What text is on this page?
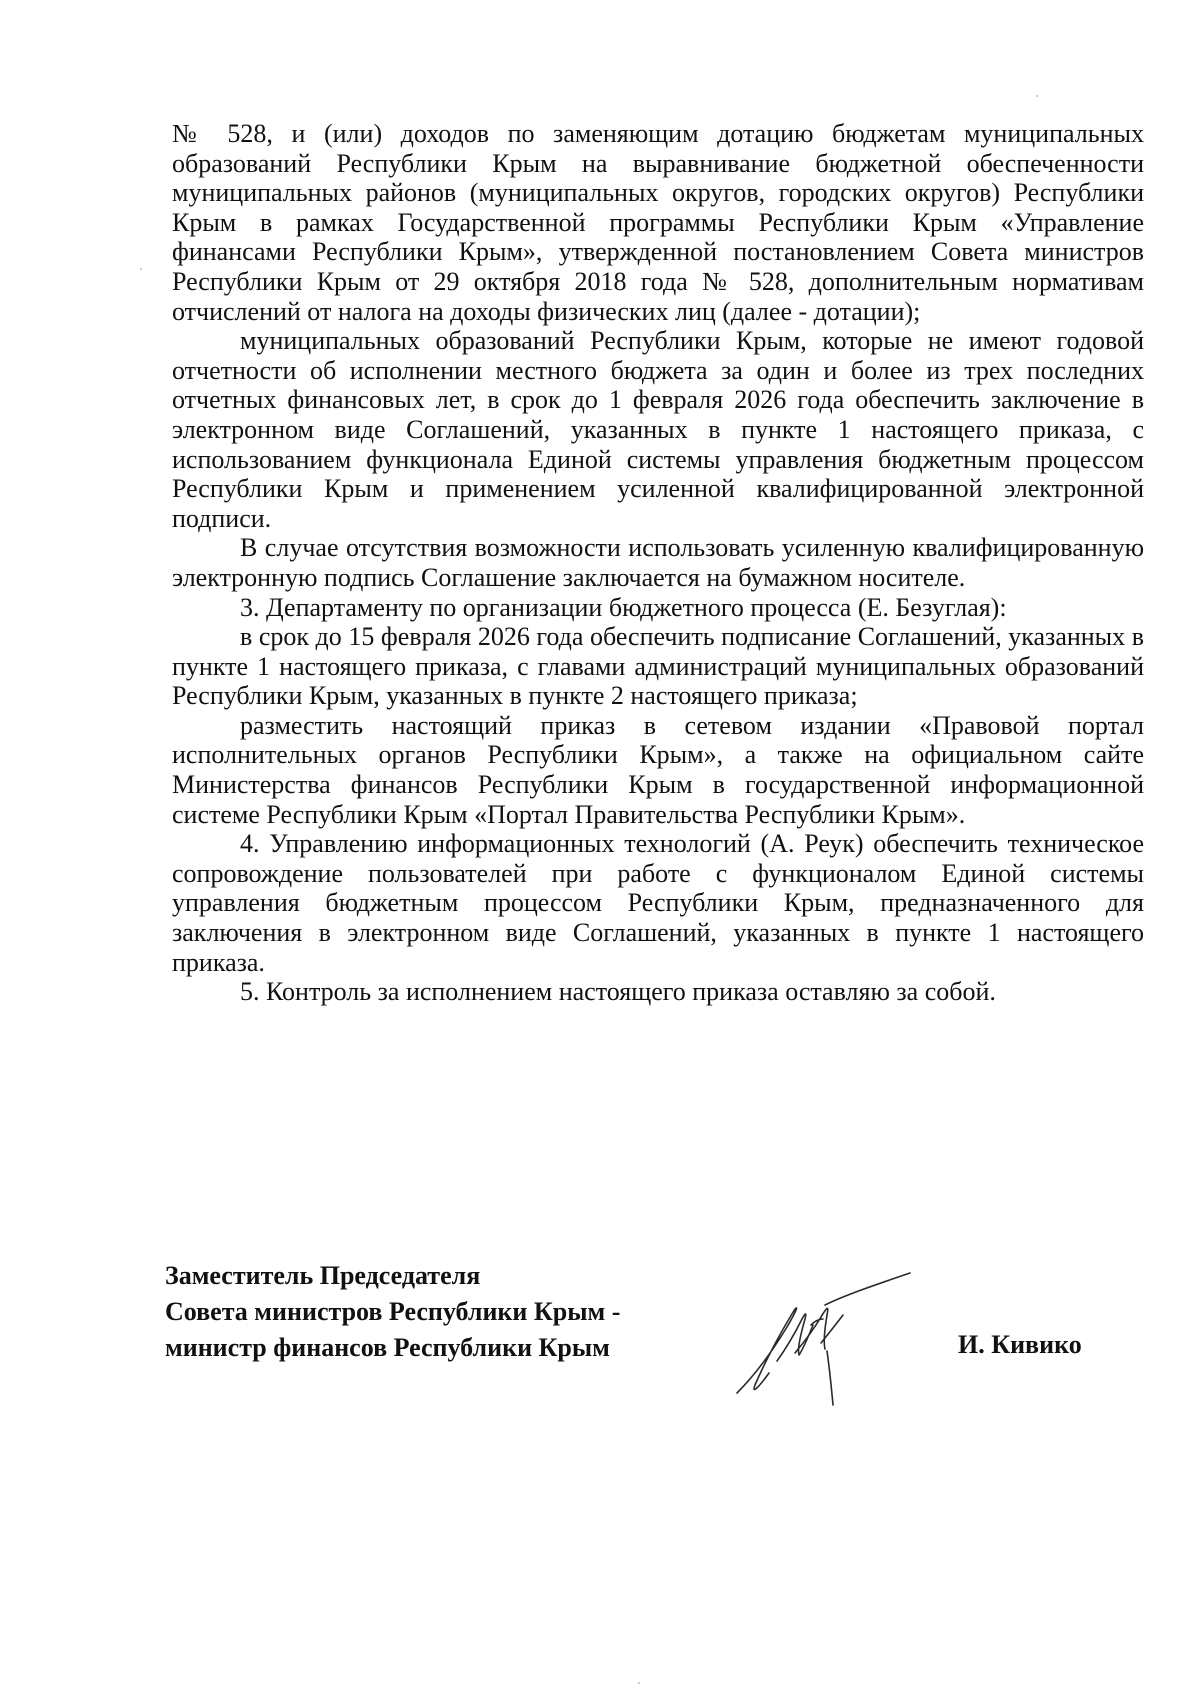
№ 528, и (или) доходов по заменяющим дотацию бюджетам муниципальных образований Республики Крым на выравнивание бюджетной обеспеченности муниципальных районов (муниципальных округов, городских округов) Республики Крым в рамках Государственной программы Республики Крым «Управление финансами Республики Крым», утвержденной постановлением Совета министров Республики Крым от 29 октября 2018 года № 528, дополнительным нормативам отчислений от налога на доходы физических лиц (далее - дотации);

муниципальных образований Республики Крым, которые не имеют годовой отчетности об исполнении местного бюджета за один и более из трех последних отчетных финансовых лет, в срок до 1 февраля 2026 года обеспечить заключение в электронном виде Соглашений, указанных в пункте 1 настоящего приказа, с использованием функционала Единой системы управления бюджетным процессом Республики Крым и применением усиленной квалифицированной электронной подписи.

В случае отсутствия возможности использовать усиленную квалифицированную электронную подпись Соглашение заключается на бумажном носителе.

3. Департаменту по организации бюджетного процесса (Е. Безуглая):

в срок до 15 февраля 2026 года обеспечить подписание Соглашений, указанных в пункте 1 настоящего приказа, с главами администраций муниципальных образований Республики Крым, указанных в пункте 2 настоящего приказа;

разместить настоящий приказ в сетевом издании «Правовой портал исполнительных органов Республики Крым», а также на официальном сайте Министерства финансов Республики Крым в государственной информационной системе Республики Крым «Портал Правительства Республики Крым».

4. Управлению информационных технологий (А. Реук) обеспечить техническое сопровождение пользователей при работе с функционалом Единой системы управления бюджетным процессом Республики Крым, предназначенного для заключения в электронном виде Соглашений, указанных в пункте 1 настоящего приказа.

5. Контроль за исполнением настоящего приказа оставляю за собой.

Заместитель Председателя
Совета министров Республики Крым -
министр финансов Республики Крым	И. Кивико
